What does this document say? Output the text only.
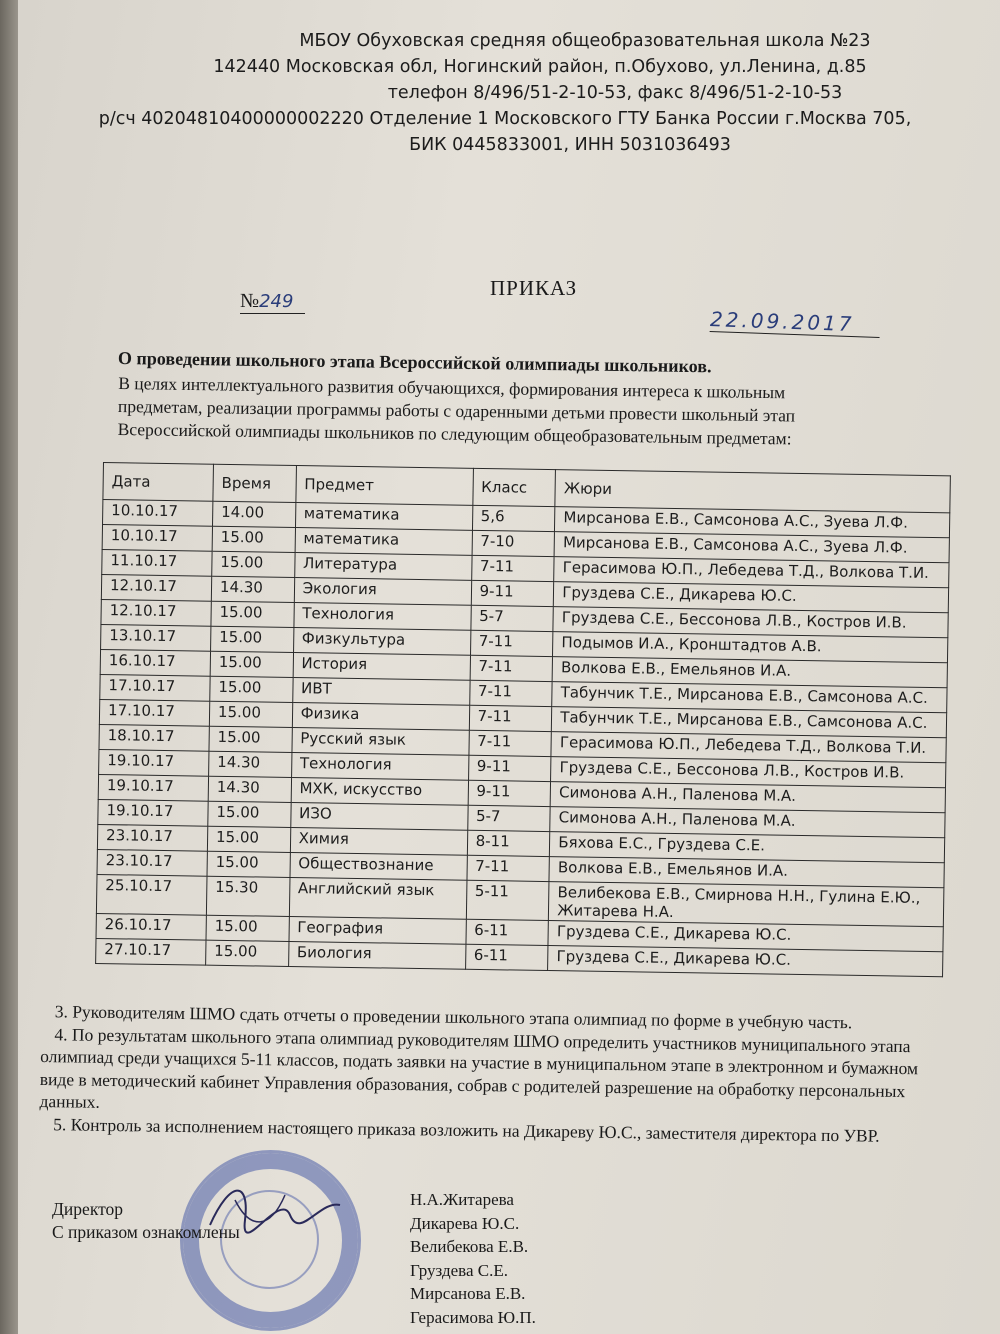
МБОУ Обуховская средняя общеобразовательная школа №23
142440 Московская обл, Ногинский район, п.Обухово, ул.Ленина, д.85
телефон 8/496/51-2-10-53, факс 8/496/51-2-10-53
р/сч 40204810400000002220 Отделение 1 Московского ГТУ Банка России г.Москва 705,
БИК 0445833001, ИНН 5031036493
ПРИКАЗ
№249
22.09.2017
О проведении школьного этапа Всероссийской олимпиады школьников.
В целях интеллектуального развития обучающихся, формирования интереса к школьным
предметам, реализации программы работы с одаренными детьми провести школьный этап
Всероссийской олимпиады школьников по следующим общеобразовательным предметам:
Дата	Время	Предмет	Класс	Жюри
10.10.17	14.00	математика	5,6	Мирсанова Е.В., Самсонова А.С., Зуева Л.Ф.
10.10.17	15.00	математика	7-10	Мирсанова Е.В., Самсонова А.С., Зуева Л.Ф.
11.10.17	15.00	Литература	7-11	Герасимова Ю.П., Лебедева Т.Д., Волкова Т.И.
12.10.17	14.30	Экология	9-11	Груздева С.Е., Дикарева Ю.С.
12.10.17	15.00	Технология	5-7	Груздева С.Е., Бессонова Л.В., Костров И.В.
13.10.17	15.00	Физкультура	7-11	Подымов И.А., Кронштадтов А.В.
16.10.17	15.00	История	7-11	Волкова Е.В., Емельянов И.А.
17.10.17	15.00	ИВТ	7-11	Табунчик Т.Е., Мирсанова Е.В., Самсонова А.С.
17.10.17	15.00	Физика	7-11	Табунчик Т.Е., Мирсанова Е.В., Самсонова А.С.
18.10.17	15.00	Русский язык	7-11	Герасимова Ю.П., Лебедева Т.Д., Волкова Т.И.
19.10.17	14.30	Технология	9-11	Груздева С.Е., Бессонова Л.В., Костров И.В.
19.10.17	14.30	МХК, искусство	9-11	Симонова А.Н., Паленова М.А.
19.10.17	15.00	ИЗО	5-7	Симонова А.Н., Паленова М.А.
23.10.17	15.00	Химия	8-11	Бяхова Е.С., Груздева С.Е.
23.10.17	15.00	Обществознание	7-11	Волкова Е.В., Емельянов И.А.
25.10.17	15.30	Английский язык	5-11	Велибекова Е.В., Смирнова Н.Н., Гулина Е.Ю., Житарева Н.А.
26.10.17	15.00	География	6-11	Груздева С.Е., Дикарева Ю.С.
27.10.17	15.00	Биология	6-11	Груздева С.Е., Дикарева Ю.С.

3. Руководителям ШМО сдать отчеты о проведении школьного этапа олимпиад по форме в учебную часть.

4. По результатам школьного этапа олимпиад руководителям ШМО определить участников муниципального этапа олимпиад среди учащихся 5-11 классов, подать заявки на участие в муниципальном этапе в электронном и бумажном виде в методический кабинет Управления образования, собрав с родителей разрешение на обработку персональных данных.

5. Контроль за исполнением настоящего приказа возложить на Дикареву Ю.С., заместителя директора по УВР.

Директор
С приказом ознакомлены
Н.А.Житарева
Дикарева Ю.С.
Велибекова Е.В.
Груздева С.Е.
Мирсанова Е.В.
Герасимова Ю.П.
